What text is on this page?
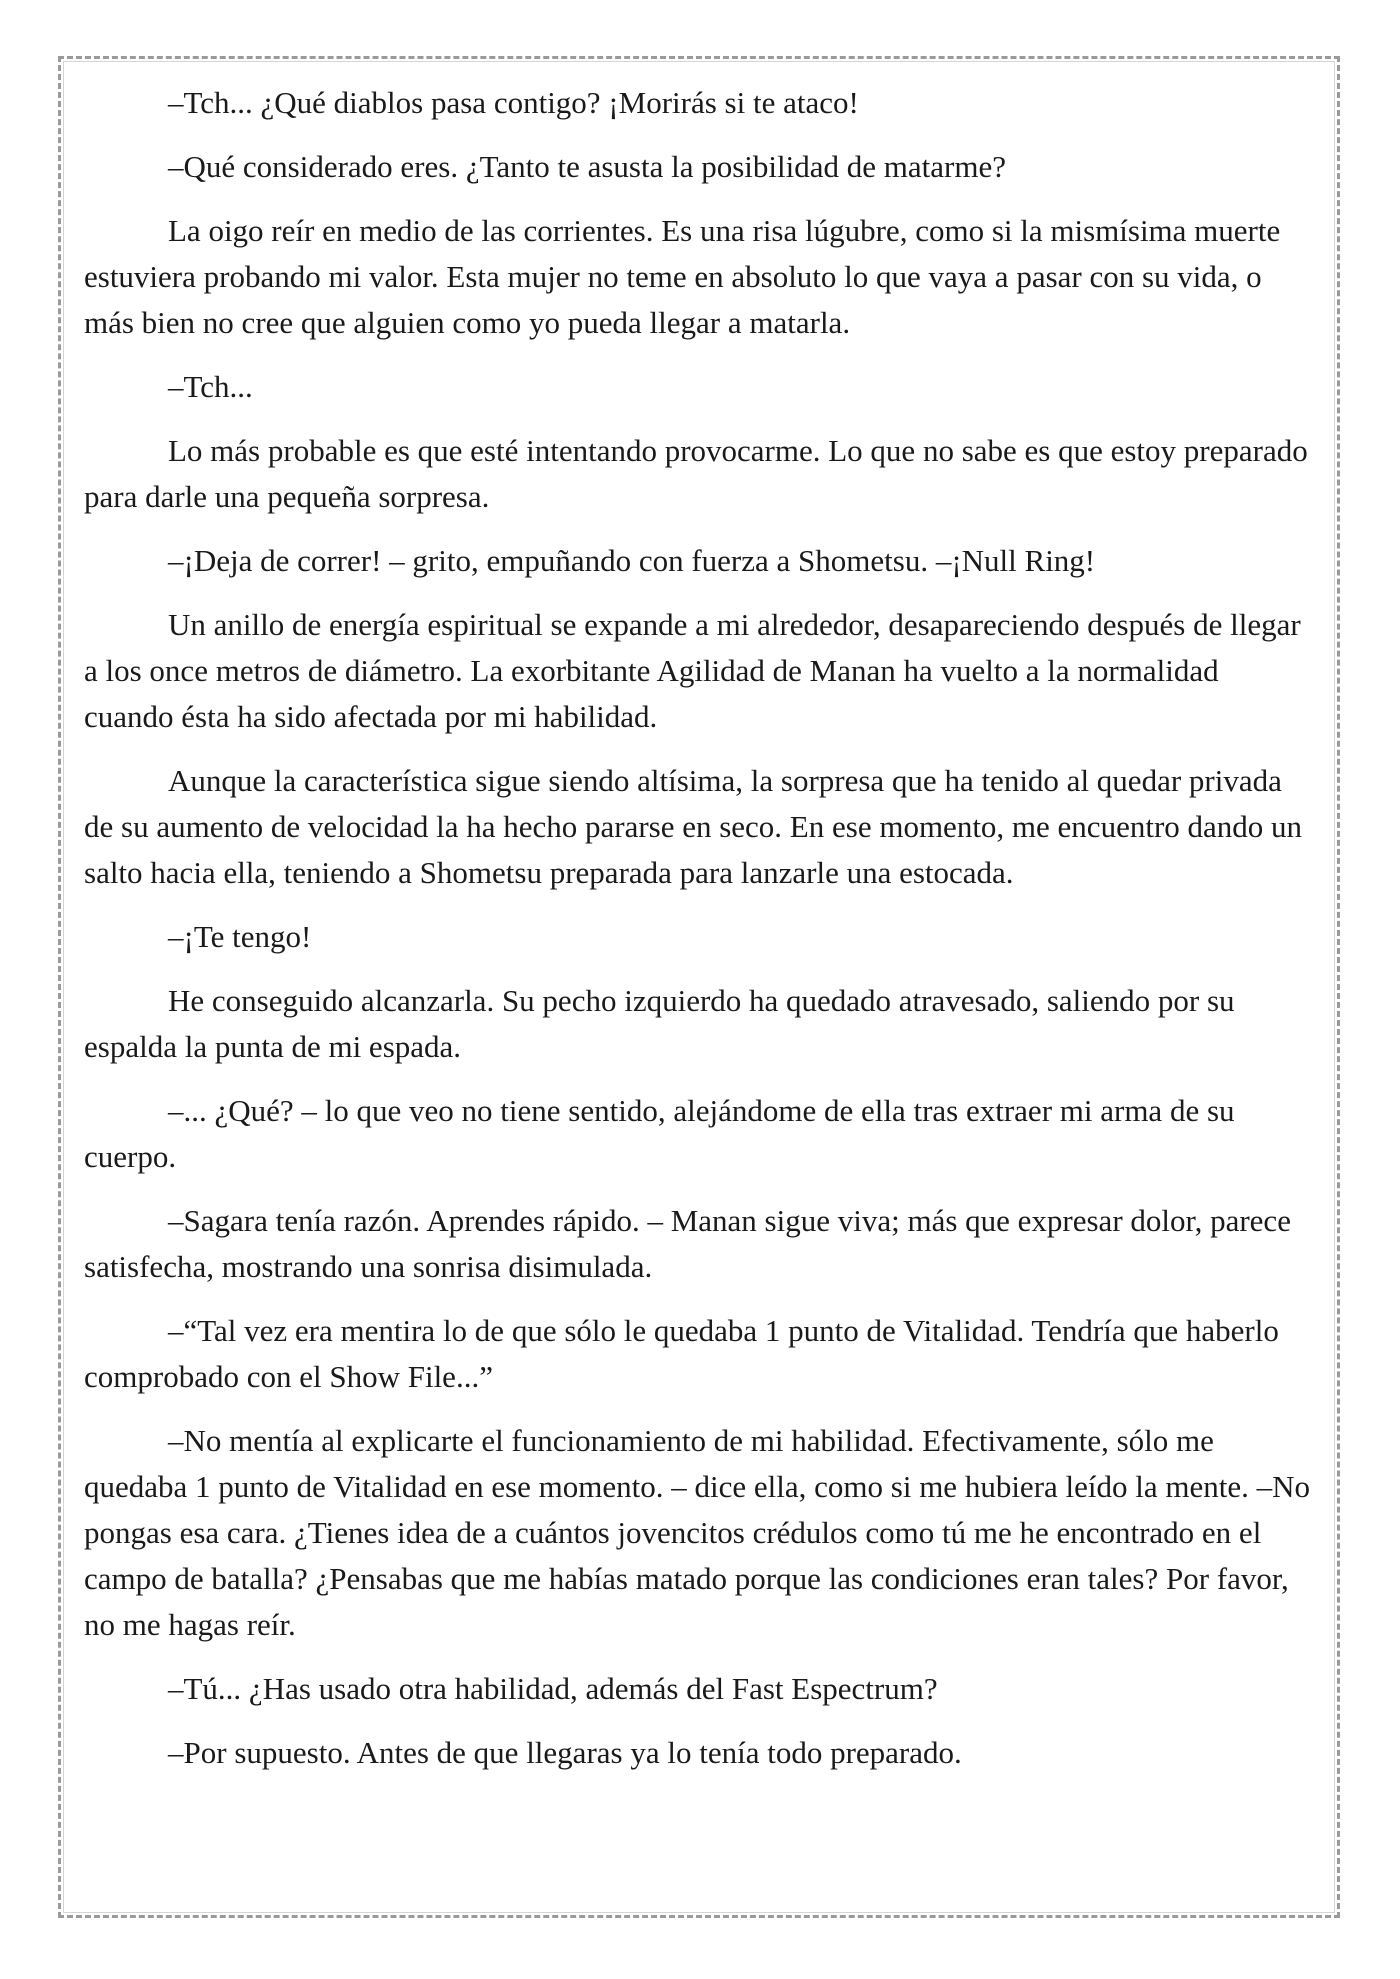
–Tch... ¿Qué diablos pasa contigo? ¡Morirás si te ataco!

–Qué considerado eres. ¿Tanto te asusta la posibilidad de matarme?

La oigo reír en medio de las corrientes. Es una risa lúgubre, como si la mismísima muerte estuviera probando mi valor. Esta mujer no teme en absoluto lo que vaya a pasar con su vida, o más bien no cree que alguien como yo pueda llegar a matarla.

–Tch...

Lo más probable es que esté intentando provocarme. Lo que no sabe es que estoy preparado para darle una pequeña sorpresa.

–¡Deja de correr! – grito, empuñando con fuerza a Shometsu. –¡Null Ring!

Un anillo de energía espiritual se expande a mi alrededor, desapareciendo después de llegar a los once metros de diámetro. La exorbitante Agilidad de Manan ha vuelto a la normalidad cuando ésta ha sido afectada por mi habilidad.

Aunque la característica sigue siendo altísima, la sorpresa que ha tenido al quedar privada de su aumento de velocidad la ha hecho pararse en seco. En ese momento, me encuentro dando un salto hacia ella, teniendo a Shometsu preparada para lanzarle una estocada.

–¡Te tengo!

He conseguido alcanzarla. Su pecho izquierdo ha quedado atravesado, saliendo por su espalda la punta de mi espada.

–... ¿Qué? – lo que veo no tiene sentido, alejándome de ella tras extraer mi arma de su cuerpo.

–Sagara tenía razón. Aprendes rápido. – Manan sigue viva; más que expresar dolor, parece satisfecha, mostrando una sonrisa disimulada.

–“Tal vez era mentira lo de que sólo le quedaba 1 punto de Vitalidad. Tendría que haberlo comprobado con el Show File...”

–No mentía al explicarte el funcionamiento de mi habilidad. Efectivamente, sólo me quedaba 1 punto de Vitalidad en ese momento. – dice ella, como si me hubiera leído la mente. –No pongas esa cara. ¿Tienes idea de a cuántos jovencitos crédulos como tú me he encontrado en el campo de batalla? ¿Pensabas que me habías matado porque las condiciones eran tales? Por favor, no me hagas reír.

–Tú... ¿Has usado otra habilidad, además del Fast Espectrum?

–Por supuesto. Antes de que llegaras ya lo tenía todo preparado.
